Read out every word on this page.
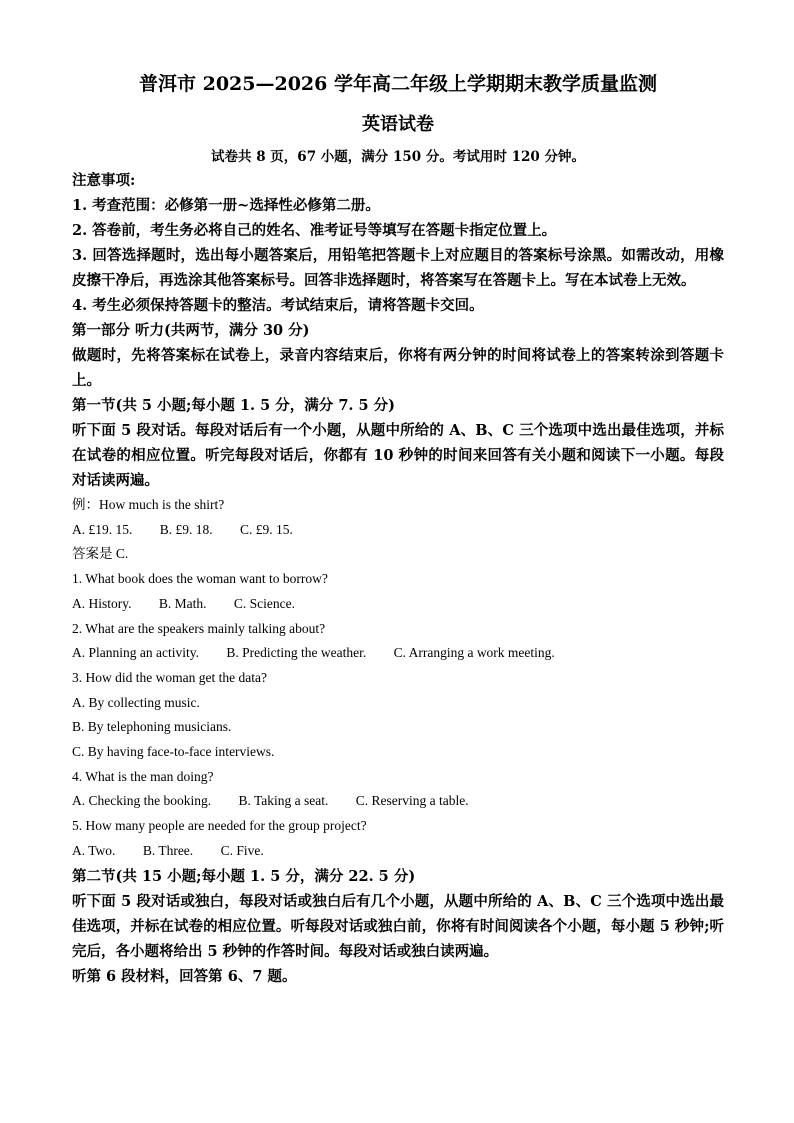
普洱市 2025—2026 学年高二年级上学期期末教学质量监测
英语试卷

试卷共 8 页，67 小题，满分 150 分。考试用时 120 分钟。

注意事项:

1. 考查范围：必修第一册~选择性必修第二册。

2. 答卷前，考生务必将自己的姓名、准考证号等填写在答题卡指定位置上。

3. 回答选择题时，选出每小题答案后，用铅笔把答题卡上对应题目的答案标号涂黑。如需改动，用橡皮擦干净后，再选涂其他答案标号。回答非选择题时，将答案写在答题卡上。写在本试卷上无效。

4. 考生必须保持答题卡的整洁。考试结束后，请将答题卡交回。

第一部分 听力(共两节，满分 30 分)

做题时，先将答案标在试卷上，录音内容结束后，你将有两分钟的时间将试卷上的答案转涂到答题卡上。

第一节(共 5 小题;每小题 1. 5 分，满分 7. 5 分)

听下面 5 段对话。每段对话后有一个小题，从题中所给的 A、B、C 三个选项中选出最佳选项，并标在试卷的相应位置。听完每段对话后，你都有 10 秒钟的时间来回答有关小题和阅读下一小题。每段对话读两遍。

例：How much is the shirt?

A. £19. 15. B. £9. 18. C. £9. 15.

答案是 C.

1. What book does the woman want to borrow?

A. History. B. Math. C. Science.

2. What are the speakers mainly talking about?

A. Planning an activity. B. Predicting the weather. C. Arranging a work meeting.

3. How did the woman get the data?

A. By collecting music.

B. By telephoning musicians.

C. By having face-to-face interviews.

4. What is the man doing?

A. Checking the booking. B. Taking a seat. C. Reserving a table.

5. How many people are needed for the group project?

A. Two. B. Three. C. Five.

第二节(共 15 小题;每小题 1. 5 分，满分 22. 5 分)

听下面 5 段对话或独白，每段对话或独白后有几个小题，从题中所给的 A、B、C 三个选项中选出最佳选项，并标在试卷的相应位置。听每段对话或独白前，你将有时间阅读各个小题，每小题 5 秒钟;听完后，各小题将给出 5 秒钟的作答时间。每段对话或独白读两遍。

听第 6 段材料，回答第 6、7 题。
